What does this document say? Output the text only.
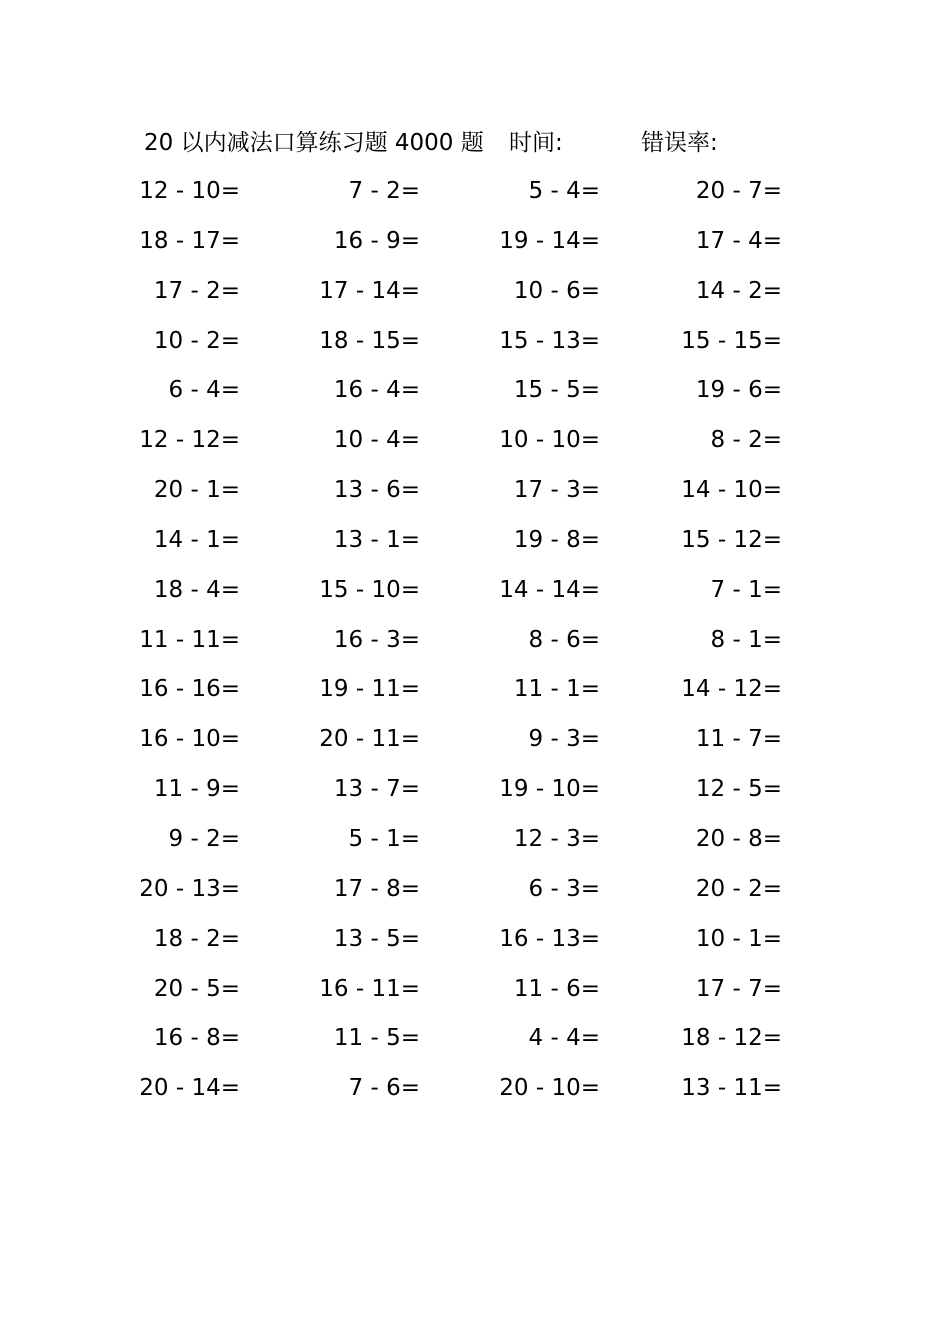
20 以内减法口算练习题 4000 题 时间:	错误率:
12 - 10=	7 - 2=	5 - 4=	20 - 7=
18 - 17=	16 - 9=	19 - 14=	17 - 4=
17 - 2=	17 - 14=	10 - 6=	14 - 2=
10 - 2=	18 - 15=	15 - 13=	15 - 15=
6 - 4=	16 - 4=	15 - 5=	19 - 6=
12 - 12=	10 - 4=	10 - 10=	8 - 2=
20 - 1=	13 - 6=	17 - 3=	14 - 10=
14 - 1=	13 - 1=	19 - 8=	15 - 12=
18 - 4=	15 - 10=	14 - 14=	7 - 1=
11 - 11=	16 - 3=	8 - 6=	8 - 1=
16 - 16=	19 - 11=	11 - 1=	14 - 12=
16 - 10=	20 - 11=	9 - 3=	11 - 7=
11 - 9=	13 - 7=	19 - 10=	12 - 5=
9 - 2=	5 - 1=	12 - 3=	20 - 8=
20 - 13=	17 - 8=	6 - 3=	20 - 2=
18 - 2=	13 - 5=	16 - 13=	10 - 1=
20 - 5=	16 - 11=	11 - 6=	17 - 7=
16 - 8=	11 - 5=	4 - 4=	18 - 12=
20 - 14=	7 - 6=	20 - 10=	13 - 11=
